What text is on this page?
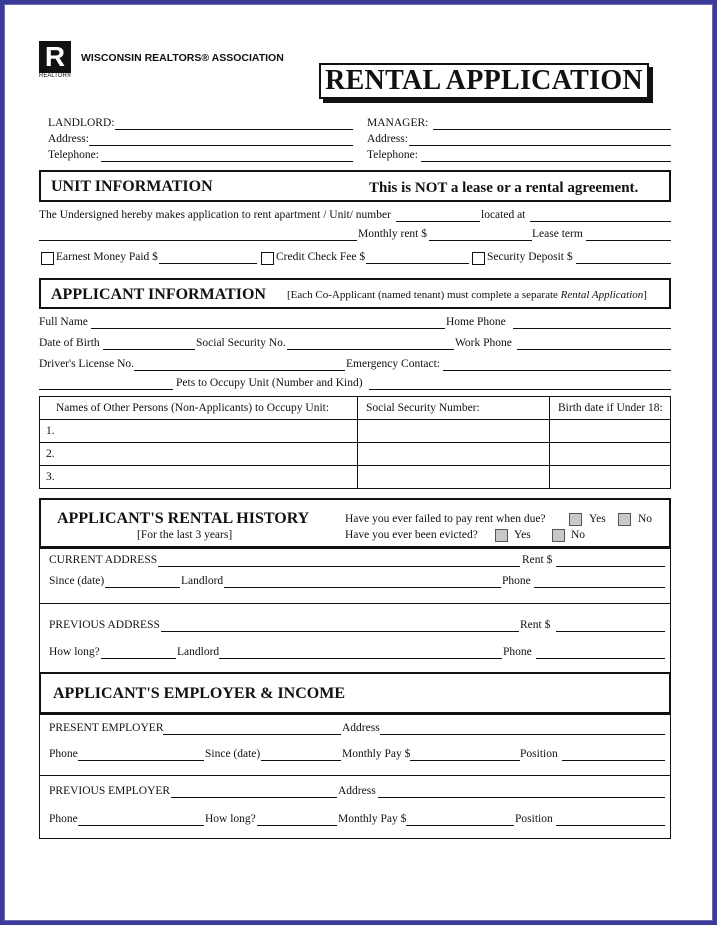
R
REALTOR®
WISCONSIN REALTORS® ASSOCIATION
RENTAL APPLICATION
LANDLORD:
Address:
Telephone:
MANAGER:
Address:
Telephone:
UNIT INFORMATION	This is NOT a lease or a rental agreement.
The Undersigned hereby makes application to rent apartment / Unit/ number	located at
Monthly rent $	Lease term
Earnest Money Paid $	Credit Check Fee $	Security Deposit $
APPLICANT INFORMATION [Each Co-Applicant (named tenant) must complete a separate Rental Application]
Full Name	Home Phone
Date of Birth	Social Security No.	Work Phone
Driver's License No.	Emergency Contact:
Pets to Occupy Unit (Number and Kind)
Names of Other Persons (Non-Applicants) to Occupy Unit:	Social Security Number:	Birth date if Under 18:
1.		
2.		
3.		
APPLICANT'S RENTAL HISTORY
[For the last 3 years]
Have you ever failed to pay rent when due?	Yes	No
Have you ever been evicted?	Yes	No
CURRENT ADDRESS	Rent $
Since (date)	Landlord	Phone
PREVIOUS ADDRESS	Rent $
How long?	Landlord	Phone
APPLICANT'S EMPLOYER & INCOME
PRESENT EMPLOYER	Address
Phone	Since (date)	Monthly Pay $	Position
PREVIOUS EMPLOYER	Address
Phone	How long?	Monthly Pay $	Position
